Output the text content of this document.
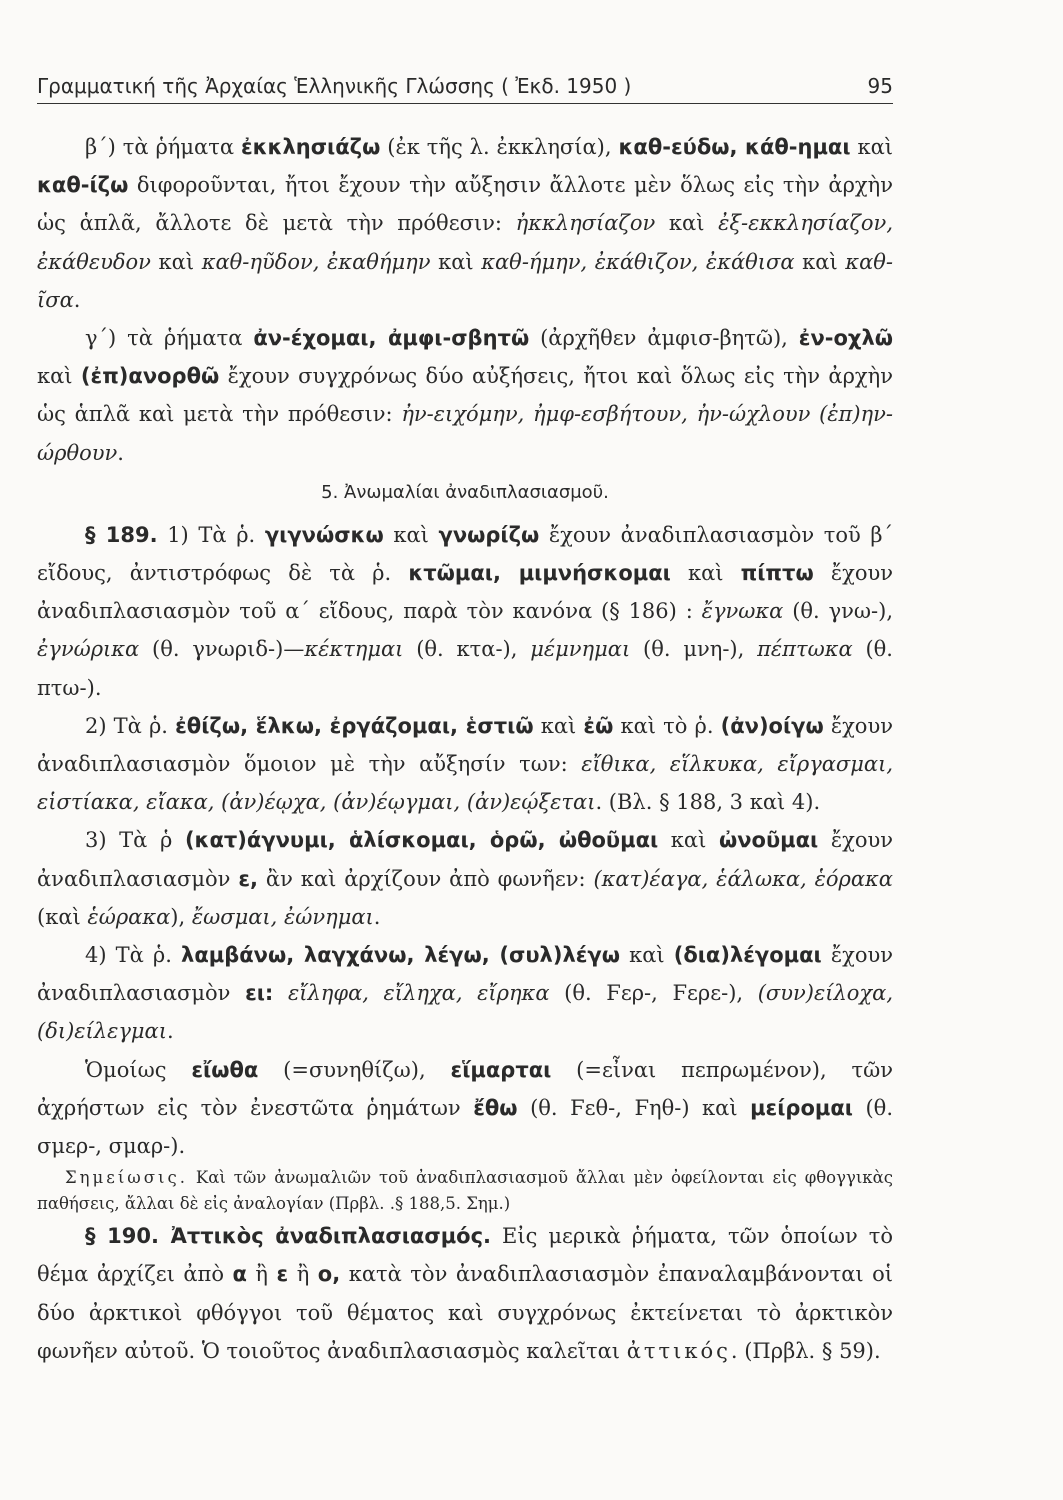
Γραμματική τῆς Ἀρχαίας Ἑλληνικῆς Γλώσσης ( Ἐκδ. 1950 )	95

β΄) τὰ ῥήματα ἐκκλησιάζω (ἐκ τῆς λ. ἐκκλησία), καθ-εύδω, κάθ-ημαι καὶ καθ-ίζω διφοροῦνται, ἤτοι ἔχουν τὴν αὔξησιν ἄλλοτε μὲν ὅλως εἰς τὴν ἀρχὴν ὡς ἁπλᾶ, ἄλλοτε δὲ μετὰ τὴν πρόθεσιν: ἠκκλησίαζον καὶ ἐξ-εκκλησίαζον, ἐκάθευδον καὶ καθ-ηῦδον, ἐκαθήμην καὶ καθ-ήμην, ἐκάθιζον, ἐκάθισα καὶ καθ-ῖσα.

γ΄) τὰ ῥήματα ἀν-έχομαι, ἀμφι-σβητῶ (ἀρχῆθεν ἀμφισ-βητῶ), ἐν-οχλῶ καὶ (ἐπ)ανορθῶ ἔχουν συγχρόνως δύο αὐξήσεις, ἤτοι καὶ ὅλως εἰς τὴν ἀρχὴν ὡς ἁπλᾶ καὶ μετὰ τὴν πρόθεσιν: ἠν-ειχόμην, ἠμφ-εσβήτουν, ἠν-ώχλουν (ἐπ)ην-ώρθουν.

5. Ἀνωμαλίαι ἀναδιπλασιασμοῦ.

§ 189. 1) Τὰ ῥ. γιγνώσκω καὶ γνωρίζω ἔχουν ἀναδιπλασιασμὸν τοῦ β΄ εἴδους, ἀντιστρόφως δὲ τὰ ῥ. κτῶμαι, μιμνήσκομαι καὶ πίπτω ἔχουν ἀναδιπλασιασμὸν τοῦ α΄ εἴδους, παρὰ τὸν κανόνα (§ 186) : ἔγνωκα (θ. γνω-), ἐγνώρικα (θ. γνωριδ-)—κέκτημαι (θ. κτα-), μέμνημαι (θ. μνη-), πέπτωκα (θ. πτω-).

2) Τὰ ῥ. ἐθίζω, ἕλκω, ἐργάζομαι, ἑστιῶ καὶ ἐῶ καὶ τὸ ῥ. (ἀν)οίγω ἔχουν ἀναδιπλασιασμὸν ὅμοιον μὲ τὴν αὔξησίν των: εἴθικα, εἵλκυκα, εἴργασμαι, εἱστίακα, εἴακα, (ἀν)έῳχα, (ἀν)έῳγμαι, (ἀν)εῴξεται. (Βλ. § 188, 3 καὶ 4).

3) Τὰ ῥ (κατ)άγνυμι, ἁλίσκομαι, ὁρῶ, ὠθοῦμαι καὶ ὠνοῦμαι ἔχουν ἀναδιπλασιασμὸν ε, ἂν καὶ ἀρχίζουν ἀπὸ φωνῆεν: (κατ)έαγα, ἑάλωκα, ἑόρακα (καὶ ἑώρακα), ἔωσμαι, ἐώνημαι.

4) Τὰ ῥ. λαμβάνω, λαγχάνω, λέγω, (συλ)λέγω καὶ (δια)λέγομαι ἔχουν ἀναδιπλασιασμὸν ει: εἴληφα, εἴληχα, εἴρηκα (θ. Ϝερ-, Ϝερε-), (συν)είλοχα, (δι)είλεγμαι.

Ὁμοίως εἴωθα (=συνηθίζω), εἵμαρται (=εἶναι πεπρωμένον), τῶν ἀχρήστων εἰς τὸν ἐνεστῶτα ῥημάτων ἔθω (θ. Ϝεθ-, Ϝηθ-) καὶ μείρομαι (θ. σμερ-, σμαρ-).

Σημείωσις. Καὶ τῶν ἀνωμαλιῶν τοῦ ἀναδιπλασιασμοῦ ἄλλαι μὲν ὀφείλονται εἰς φθογγικὰς παθήσεις, ἄλλαι δὲ εἰς ἀναλογίαν (Πρβλ. .§ 188,5. Σημ.)

§ 190. Ἀττικὸς ἀναδιπλασιασμός. Εἰς μερικὰ ῥήματα, τῶν ὁποίων τὸ θέμα ἀρχίζει ἀπὸ α ἢ ε ἢ ο, κατὰ τὸν ἀναδιπλασιασμὸν ἐπαναλαμβάνονται οἱ δύο ἀρκτικοὶ φθόγγοι τοῦ θέματος καὶ συγχρόνως ἐκτείνεται τὸ ἀρκτικὸν φωνῆεν αὐτοῦ. Ὁ τοιοῦτος ἀναδιπλασιασμὸς καλεῖται ἀττικός. (Πρβλ. § 59).
